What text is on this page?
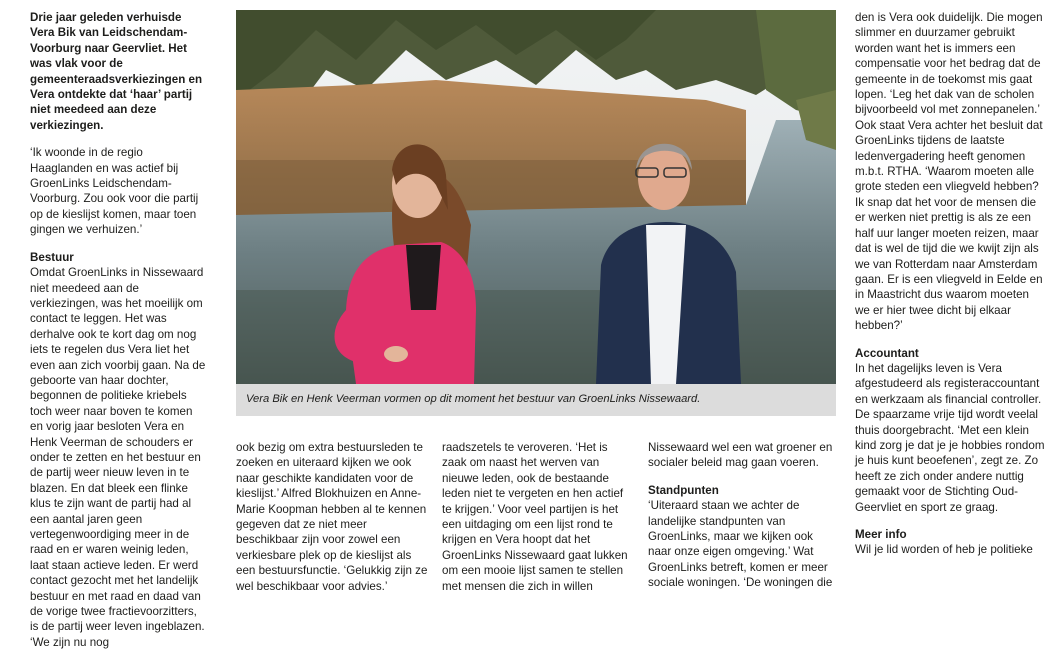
Drie jaar geleden verhuisde Vera Bik van Leidschendam-Voorburg naar Geervliet. Het was vlak voor de gemeenteraadsverkiezingen en Vera ontdekte dat ‘haar’ partij niet meedeed aan deze verkiezingen.

‘Ik woonde in de regio Haaglanden en was actief bij GroenLinks Leidschendam-Voorburg. Zou ook voor die partij op de kieslijst komen, maar toen gingen we verhuizen.’

Bestuur

Omdat GroenLinks in Nissewaard niet meedeed aan de verkiezingen, was het moeilijk om contact te leggen. Het was derhalve ook te kort dag om nog iets te regelen dus Vera liet het even aan zich voorbij gaan. Na de geboorte van haar dochter, begonnen de politieke kriebels toch weer naar boven te komen en vorig jaar besloten Vera en Henk Veerman de schouders er onder te zetten en het bestuur en de partij weer nieuw leven in te blazen. En dat bleek een flinke klus te zijn want de partij had al een aantal jaren geen vertegenwoordiging meer in de raad en er waren weinig leden, laat staan actieve leden. Er werd contact gezocht met het landelijk bestuur en met raad en daad van de vorige twee fractievoorzitters, is de partij weer leven ingeblazen. ‘We zijn nu nog

Vera Bik en Henk Veerman vormen op dit moment het bestuur van GroenLinks Nissewaard.

ook bezig om extra bestuursleden te zoeken en uiteraard kijken we ook naar geschikte kandidaten voor de kieslijst.’ Alfred Blokhuizen en Anne-Marie Koopman hebben al te kennen gegeven dat ze niet meer beschikbaar zijn voor zowel een verkiesbare plek op de kieslijst als een bestuursfunctie. ‘Gelukkig zijn ze wel beschikbaar voor advies.’

raadszetels te veroveren. ‘Het is zaak om naast het werven van nieuwe leden, ook de bestaande leden niet te vergeten en hen actief te krijgen.’ Voor veel partijen is het een uitdaging om een lijst rond te krijgen en Vera hoopt dat het GroenLinks Nissewaard gaat lukken om een mooie lijst samen te stellen met mensen die zich in willen

Nissewaard wel een wat groener en socialer beleid mag gaan voeren.

Standpunten

‘Uiteraard staan we achter de landelijke standpunten van GroenLinks, maar we kijken ook naar onze eigen omgeving.’ Wat GroenLinks betreft, komen er meer sociale woningen. ‘De woningen die

den is Vera ook duidelijk. Die mogen slimmer en duurzamer gebruikt worden want het is immers een compensatie voor het bedrag dat de gemeente in de toekomst mis gaat lopen. ‘Leg het dak van de scholen bijvoorbeeld vol met zonnepanelen.’ Ook staat Vera achter het besluit dat GroenLinks tijdens de laatste ledenvergadering heeft genomen m.b.t. RTHA. ‘Waarom moeten alle grote steden een vliegveld hebben? Ik snap dat het voor de mensen die er werken niet prettig is als ze een half uur langer moeten reizen, maar dat is wel de tijd die we kwijt zijn als we van Rotterdam naar Amsterdam gaan. Er is een vliegveld in Eelde en in Maastricht dus waarom moeten we er hier twee dicht bij elkaar hebben?’

Accountant

In het dagelijks leven is Vera afgestudeerd als registeraccountant en werkzaam als financial controller. De spaarzame vrije tijd wordt veelal thuis doorgebracht. ‘Met een klein kind zorg je dat je je hobbies rondom je huis kunt beoefenen’, zegt ze. Zo heeft ze zich onder andere nuttig gemaakt voor de Stichting Oud-Geervliet en sport ze graag.

Meer info

Wil je lid worden of heb je politieke
